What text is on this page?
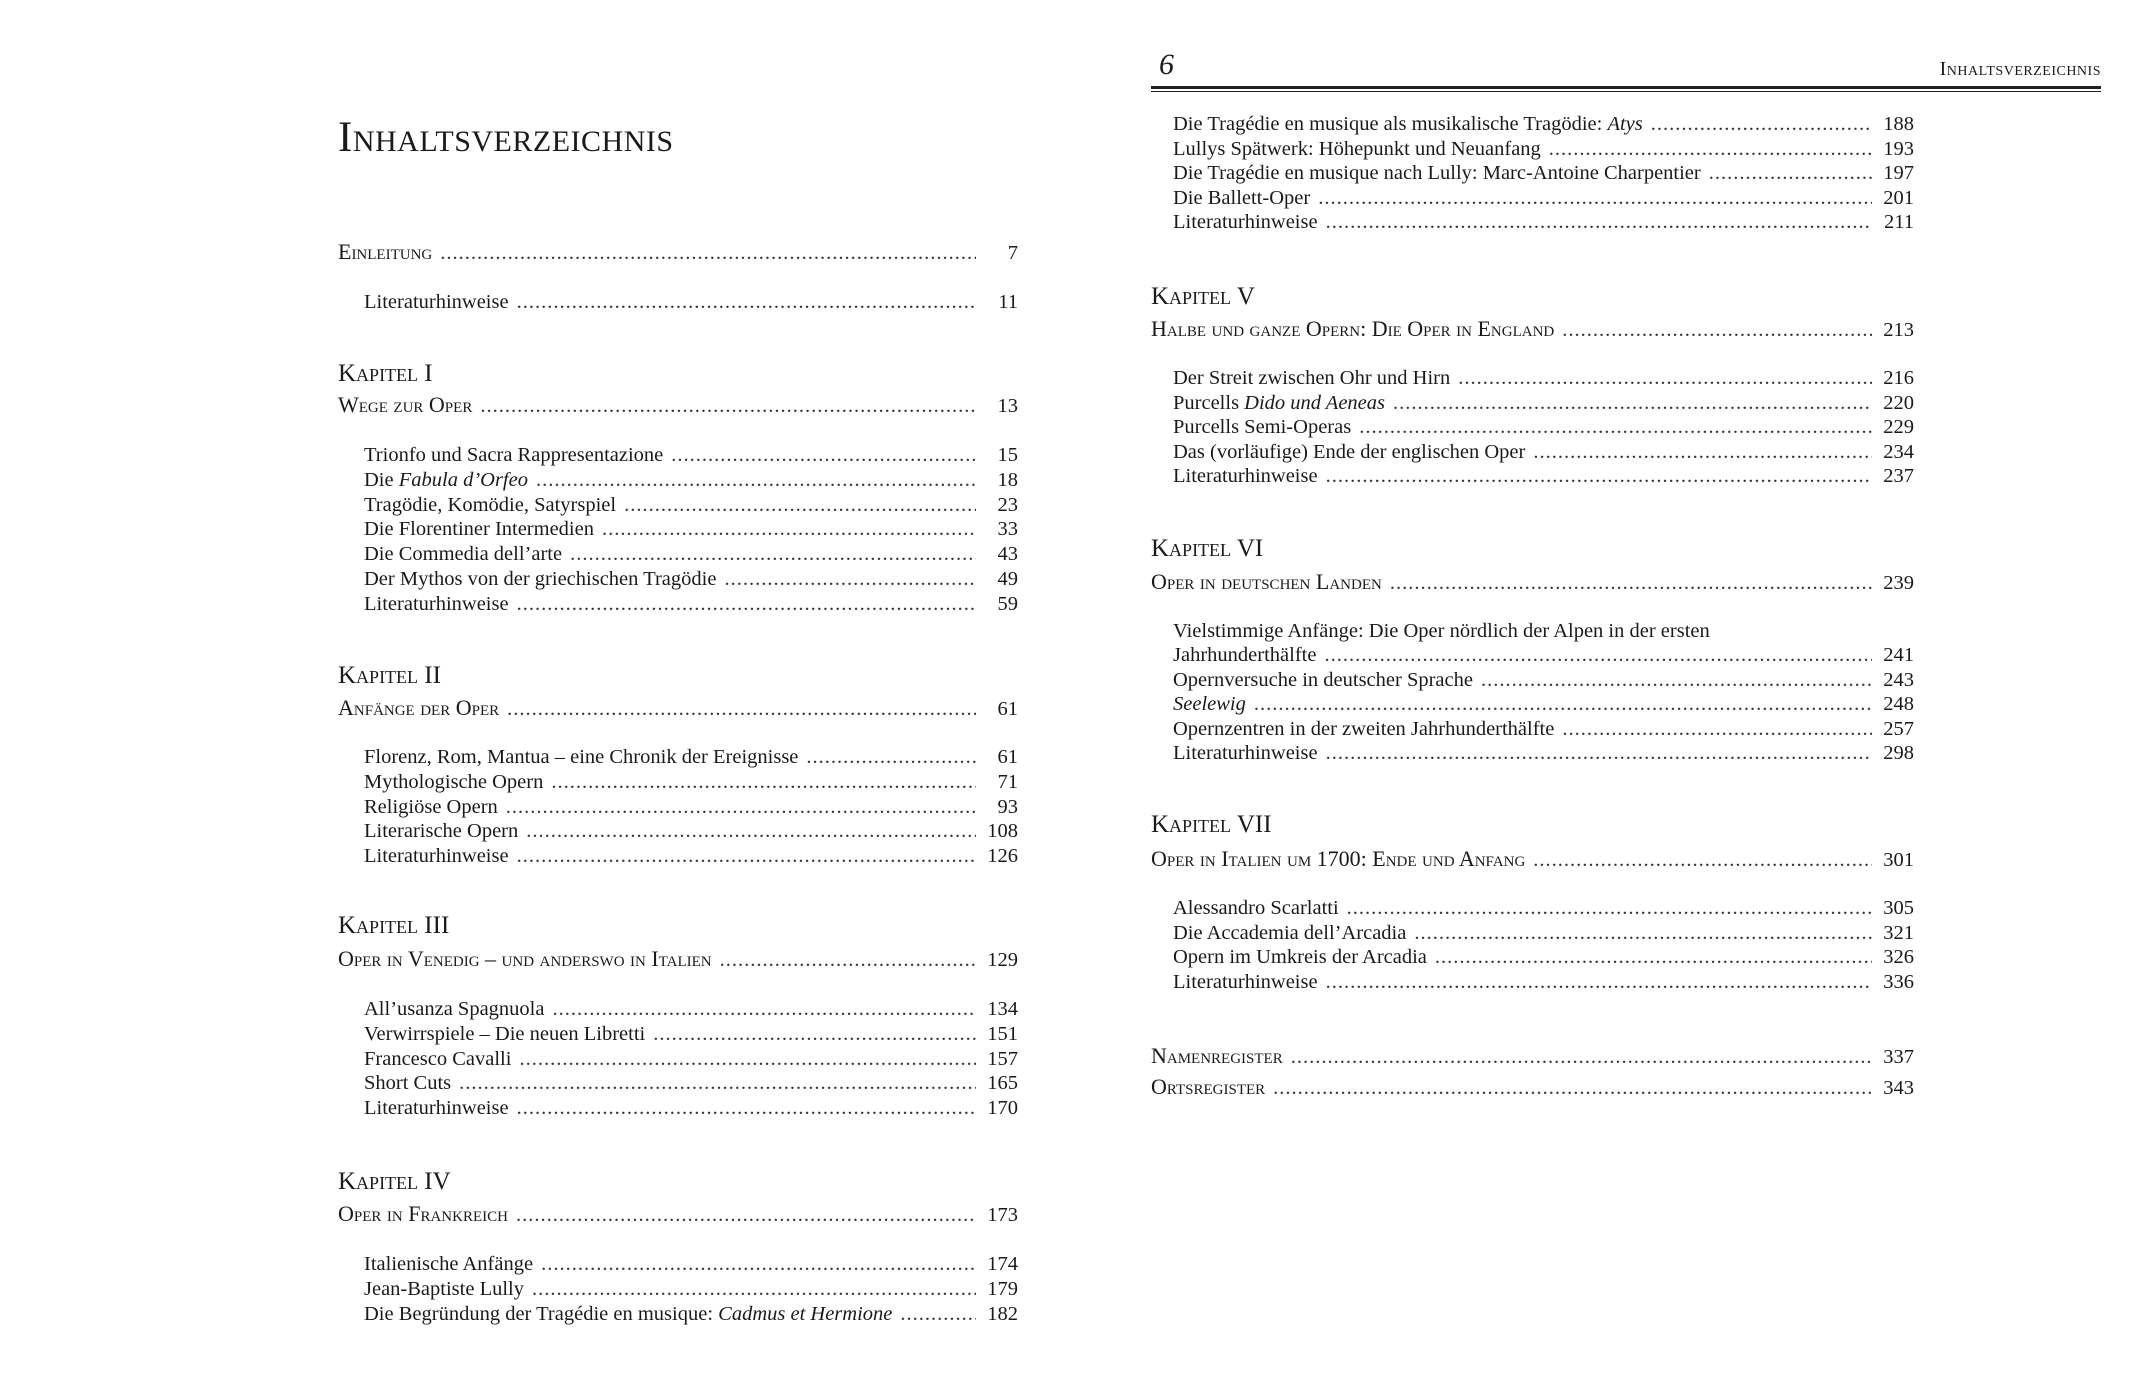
Inhaltsverzeichnis
Einleitung .....	7
Literaturhinweise .....	11
Kapitel I
Wege zur Oper .....	13
Trionfo und Sacra Rappresentazione .....	15
Die Fabula d’Orfeo .....	18
Tragödie, Komödie, Satyrspiel .....	23
Die Florentiner Intermedien .....	33
Die Commedia dell’arte .....	43
Der Mythos von der griechischen Tragödie .....	49
Literaturhinweise .....	59
Kapitel II
Anfänge der Oper .....	61
Florenz, Rom, Mantua – eine Chronik der Ereignisse .....	61
Mythologische Opern .....	71
Religiöse Opern .....	93
Literarische Opern .....	108
Literaturhinweise .....	126
Kapitel III
Oper in Venedig – und anderswo in Italien .....	129
All’usanza Spagnuola .....	134
Verwirrspiele – Die neuen Libretti .....	151
Francesco Cavalli .....	157
Short Cuts .....	165
Literaturhinweise .....	170
Kapitel IV
Oper in Frankreich .....	173
Italienische Anfänge .....	174
Jean-Baptiste Lully .....	179
Die Begründung der Tragédie en musique: Cadmus et Hermione .....	182
6	Inhaltsverzeichnis
Die Tragédie en musique als musikalische Tragödie: Atys .....	188
Lullys Spätwerk: Höhepunkt und Neuanfang .....	193
Die Tragédie en musique nach Lully: Marc-Antoine Charpentier .....	197
Die Ballett-Oper .....	201
Literaturhinweise .....	211
Kapitel V
Halbe und ganze Opern: Die Oper in England .....	213
Der Streit zwischen Ohr und Hirn .....	216
Purcells Dido und Aeneas .....	220
Purcells Semi-Operas .....	229
Das (vorläufige) Ende der englischen Oper .....	234
Literaturhinweise .....	237
Kapitel VI
Oper in deutschen Landen .....	239
Vielstimmige Anfänge: Die Oper nördlich der Alpen in der ersten
Jahrhunderthälfte .....	241
Opernversuche in deutscher Sprache .....	243
Seelewig .....	248
Opernzentren in der zweiten Jahrhunderthälfte .....	257
Literaturhinweise .....	298
Kapitel VII
Oper in Italien um 1700: Ende und Anfang .....	301
Alessandro Scarlatti .....	305
Die Accademia dell’Arcadia .....	321
Opern im Umkreis der Arcadia .....	326
Literaturhinweise .....	336
Namenregister .....	337
Ortsregister .....	343
